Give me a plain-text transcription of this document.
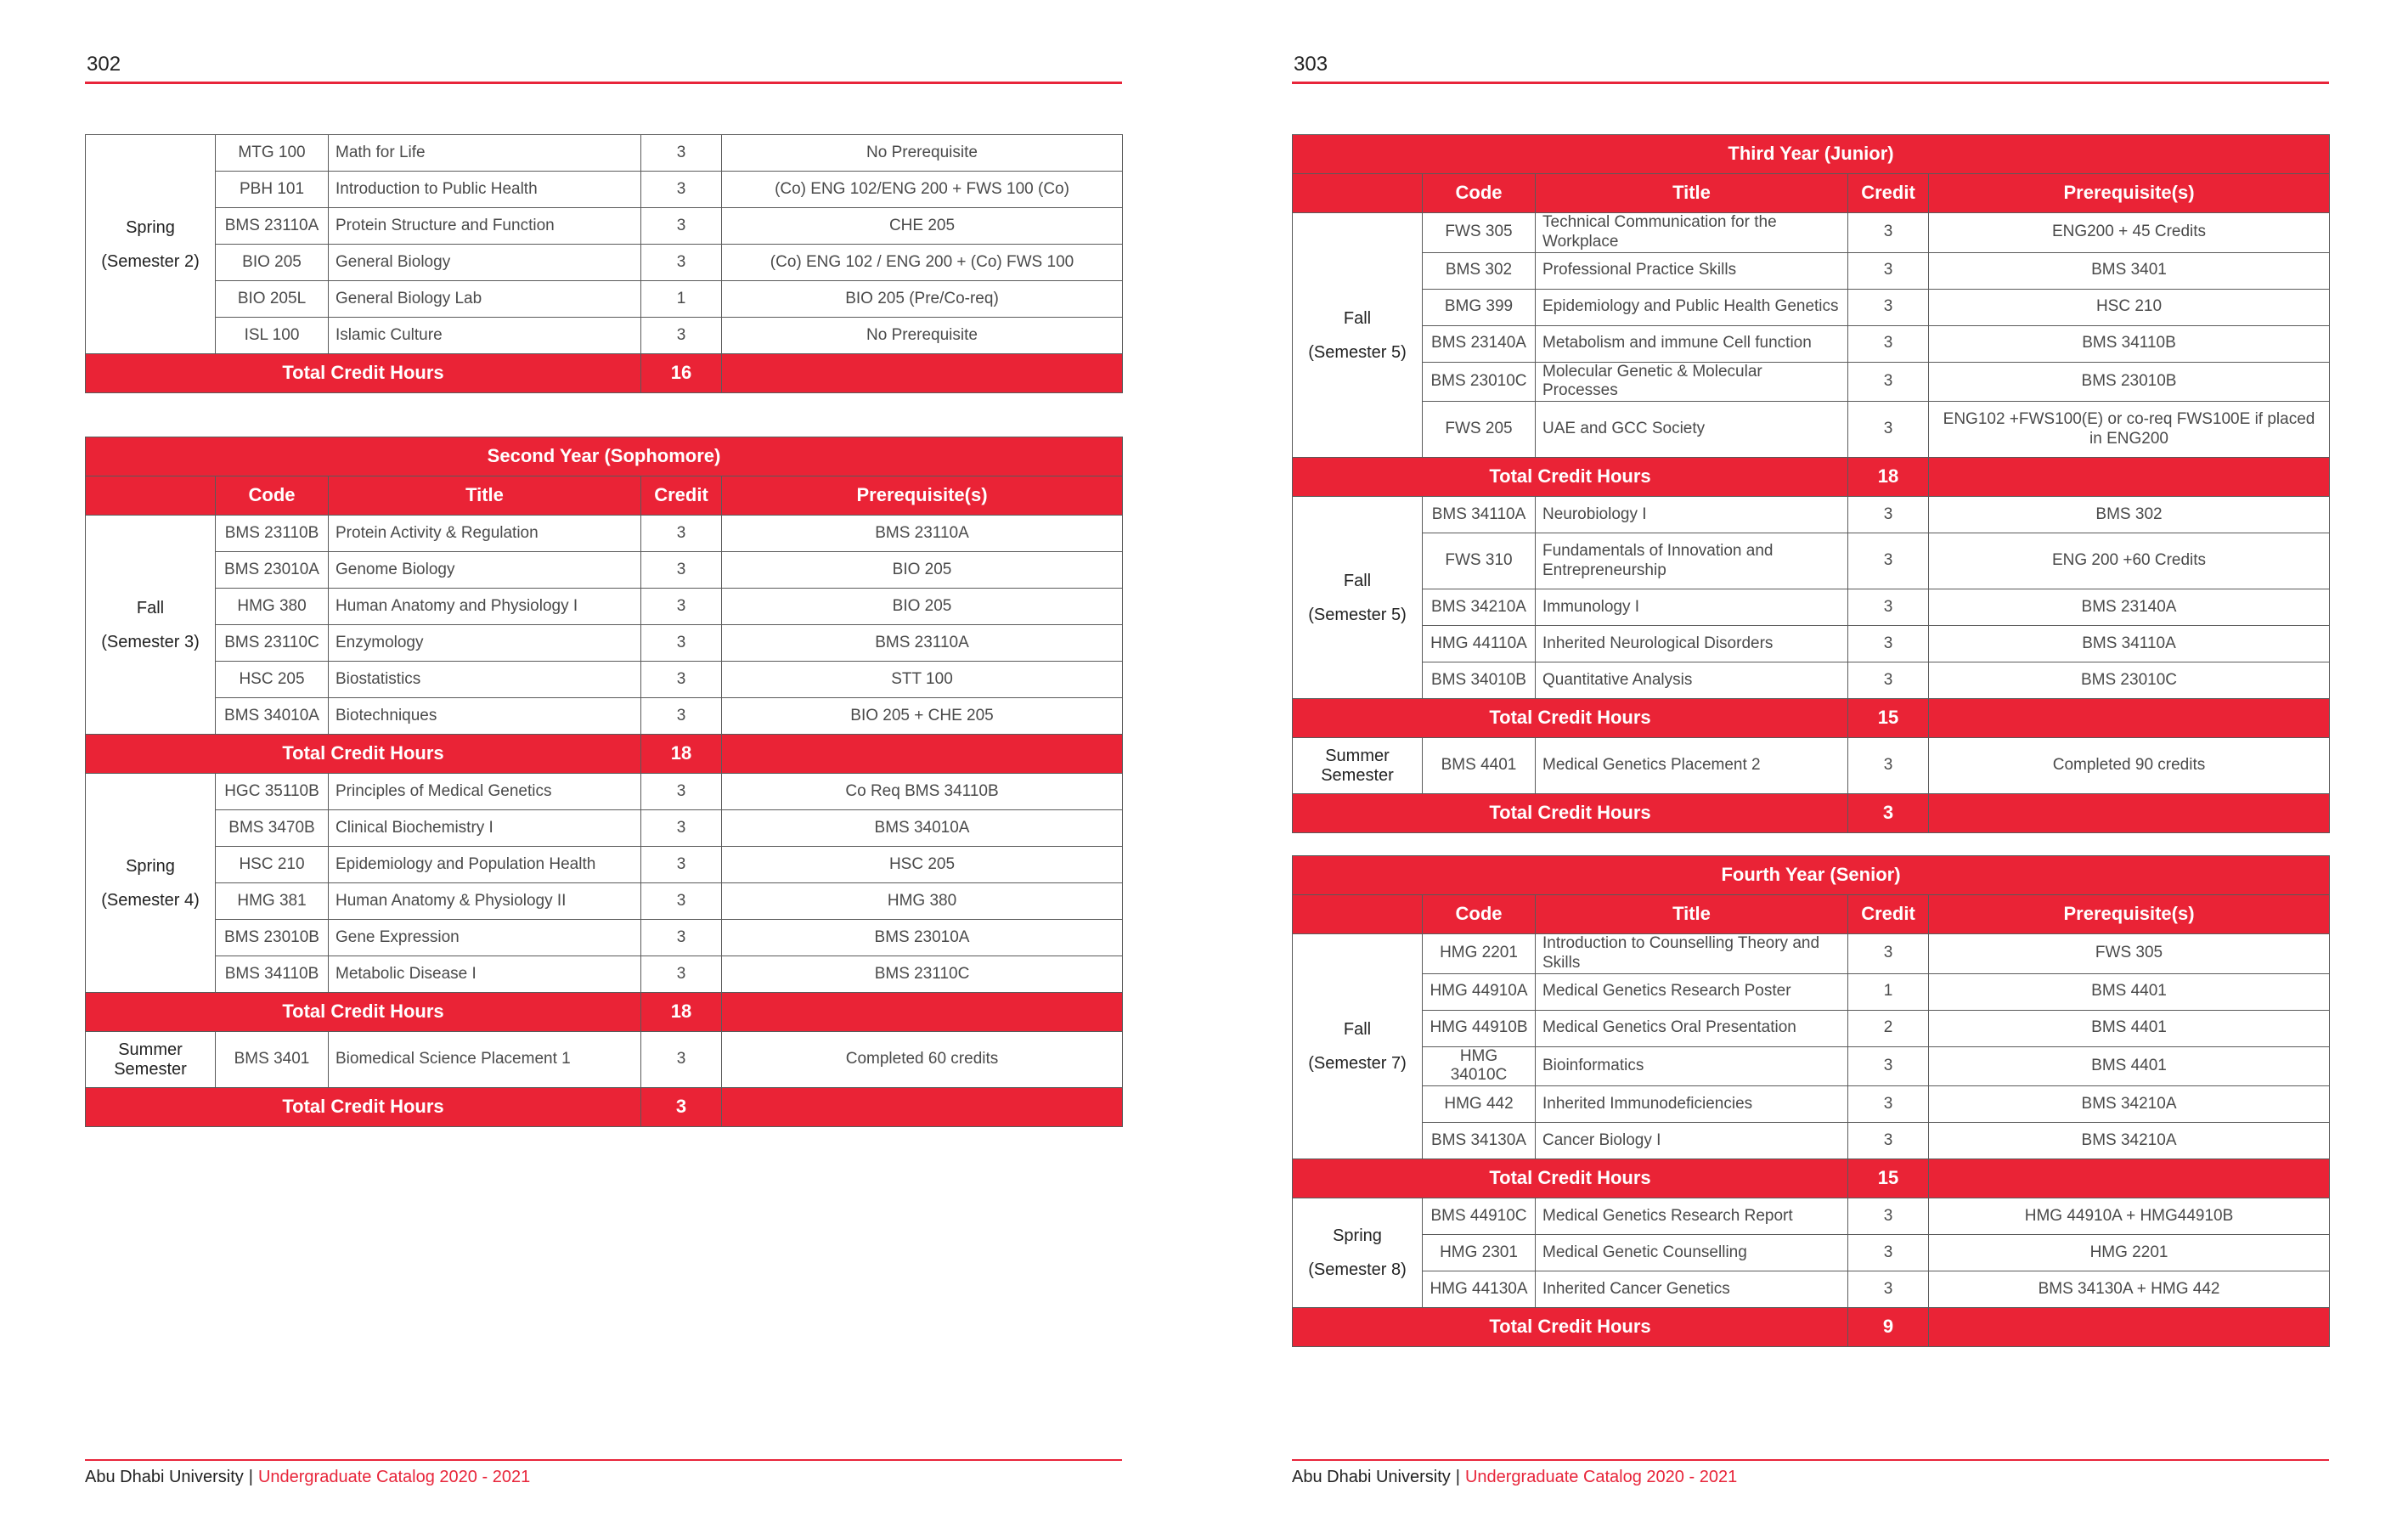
302
Spring
(Semester 2)	MTG 100	Math for Life	3	No Prerequisite
	PBH 101	Introduction to Public Health	3	(Co) ENG 102/ENG 200 + FWS 100 (Co)
	BMS 23110A	Protein Structure and Function	3	CHE 205
	BIO 205	General Biology	3	(Co) ENG 102 / ENG 200 + (Co) FWS 100
	BIO 205L	General Biology Lab	1	BIO 205 (Pre/Co-req)
	ISL 100	Islamic Culture	3	No Prerequisite
Total Credit Hours			16	
Second Year (Sophomore)				
	Code	Title	Credit	Prerequisite(s)

Fall
(Semester 3)	BMS 23110B	Protein Activity & Regulation	3	BMS 23110A
	BMS 23010A	Genome Biology	3	BIO 205
	HMG 380	Human Anatomy and Physiology I	3	BIO 205
	BMS 23110C	Enzymology	3	BMS 23110A
	HSC 205	Biostatistics	3	STT 100
	BMS 34010A	Biotechniques	3	BIO 205 + CHE 205
Total Credit Hours			18	

Spring
(Semester 4)	HGC 35110B	Principles of Medical Genetics	3	Co Req BMS 34110B
	BMS 3470B	Clinical Biochemistry I	3	BMS 34010A
	HSC 210	Epidemiology and Population Health	3	HSC 205
	HMG 381	Human Anatomy & Physiology II	3	HMG 380
	BMS 23010B	Gene Expression	3	BMS 23010A
	BMS 34110B	Metabolic Disease I	3	BMS 23110C
Total Credit Hours			18	
Summer Semester	BMS 3401	Biomedical Science Placement 1	3	Completed 60 credits
Total Credit Hours			3	
Abu Dhabi University | Undergraduate Catalog 2020 - 2021
303
Third Year (Junior)				
	Code	Title	Credit	Prerequisite(s)

Fall
(Semester 5)	FWS 305	Technical Communication for the Workplace	3	ENG200 + 45 Credits
	BMS 302	Professional Practice Skills	3	BMS 3401
	BMG 399	Epidemiology and Public Health Genetics	3	HSC 210
	BMS 23140A	Metabolism and immune Cell function	3	BMS 34110B
	BMS 23010C	Molecular Genetic & Molecular Processes	3	BMS 23010B
	FWS 205	UAE and GCC Society	3	ENG102 +FWS100(E) or co-req FWS100E if placed in ENG200
Total Credit Hours			18	

Fall
(Semester 5)	BMS 34110A	Neurobiology I	3	BMS 302
	FWS 310	Fundamentals of Innovation and Entrepreneurship	3	ENG 200 +60 Credits
	BMS 34210A	Immunology I	3	BMS 23140A
	HMG 44110A	Inherited Neurological Disorders	3	BMS 34110A
	BMS 34010B	Quantitative Analysis	3	BMS 23010C
Total Credit Hours			15	
Summer Semester	BMS 4401	Medical Genetics Placement 2	3	Completed 90 credits
Total Credit Hours			3	
Fourth Year (Senior)				
	Code	Title	Credit	Prerequisite(s)

Fall
(Semester 7)	HMG 2201	Introduction to Counselling Theory and Skills	3	FWS 305
	HMG 44910A	Medical Genetics Research Poster	1	BMS 4401
	HMG 44910B	Medical Genetics Oral Presentation	2	BMS 4401
	HMG 34010C	Bioinformatics	3	BMS 4401
	HMG 442	Inherited Immunodeficiencies	3	BMS 34210A
	BMS 34130A	Cancer Biology I	3	BMS 34210A
Total Credit Hours			15	

Spring
(Semester 8)	BMS 44910C	Medical Genetics Research Report	3	HMG 44910A + HMG44910B
	HMG 2301	Medical Genetic Counselling	3	HMG 2201
	HMG 44130A	Inherited Cancer Genetics	3	BMS 34130A + HMG 442
Total Credit Hours			9	
Abu Dhabi University | Undergraduate Catalog 2020 - 2021
